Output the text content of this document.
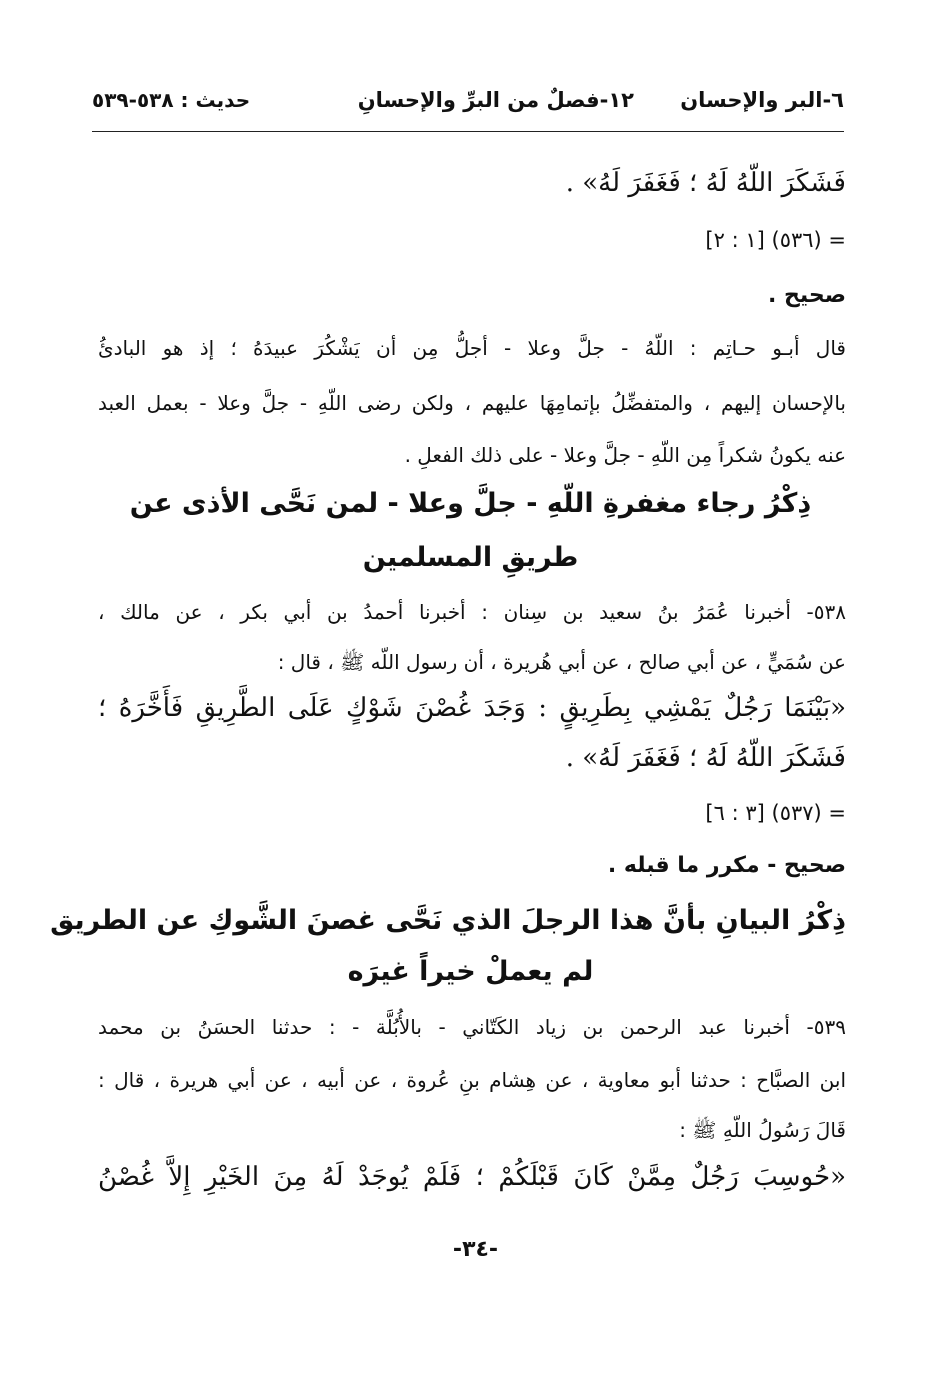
٦-البر والإحسان
١٢-فصلٌ من البرِّ والإحسانِ
حديث : ٥٣٨-٥٣٩
فَشَكَرَ اللّهُ لَهُ ؛ فَغَفَرَ لَهُ» .
= (٥٣٦) [١ : ٢]
صحيح .
قال أبـو حـاتِم : اللّهُ - جلَّ وعلا - أجلُّ مِن أن يَشْكُرَ عبيدَهُ ؛ إذ هو البادئُ
بالإحسان إليهم ، والمتفضِّلُ بإتمامِهَا عليهم ، ولكن رضى اللّهِ - جلَّ وعلا - بعمل العبد
عنه يكونُ شكراً مِن اللّهِ - جلَّ وعلا - على ذلك الفعلِ .
ذِكْرُ رجاء مغفرةِ اللّهِ - جلَّ وعلا - لمن نَحَّى الأذى عن
طريقِ المسلمين
٥٣٨- أخبرنا عُمَرُ بنُ سعيد بن سِنان : أخبرنا أحمدُ بن أبي بكر ، عن مالك ،
عن سُمَيٍّ ، عن أبي صالح ، عن أبي هُريرة ، أن رسول اللّه ﷺ ، قال :
«بَيْنَمَا رَجُلٌ يَمْشِي بِطَرِيقٍ : وَجَدَ غُصْنَ شَوْكٍ عَلَى الطَّرِيقِ فَأَخَّرَهُ ؛
فَشَكَرَ اللّهُ لَهُ ؛ فَغَفَرَ لَهُ» .
= (٥٣٧) [٣ : ٦]
صحيح - مكرر ما قبله .
ذِكْرُ البيانِ بأنَّ هذا الرجلَ الذي نَحَّى غصنَ الشَّوكِ عن الطريق
لم يعملْ خيراً غيرَه
٥٣٩- أخبرنا عبد الرحمن بن زياد الكَتّاني - بالأُبُلَّة - : حدثنا الحسَنُ بن محمد
ابن الصبَّاح : حدثنا أبو معاوية ، عن هِشام بنِ عُروة ، عن أبيه ، عن أبي هريرة ، قال :
قَالَ رَسُولُ اللّهِ ﷺ :
«حُوسِبَ رَجُلٌ مِمَّنْ كَانَ قَبْلَكُمْ ؛ فَلَمْ يُوجَدْ لَهُ مِنَ الخَيْرِ إِلاَّ غُصْنُ
-٣٤-
